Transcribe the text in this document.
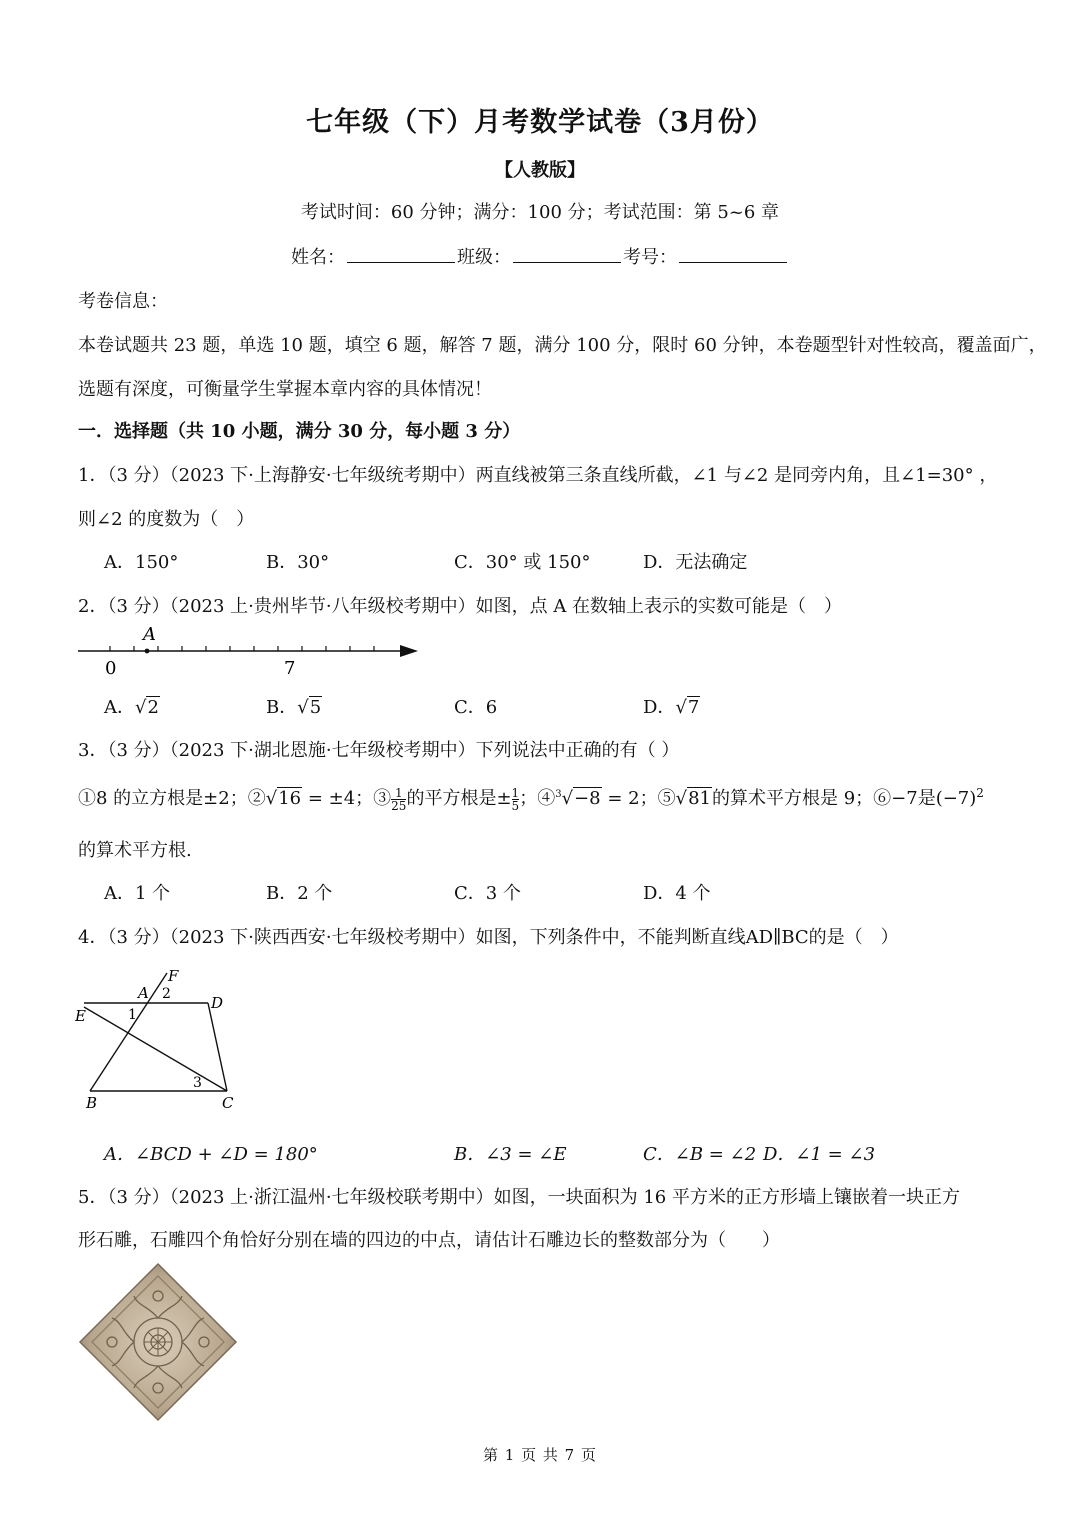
七年级（下）月考数学试卷（3月份）
【人教版】
考试时间：60 分钟；满分：100 分；考试范围：第 5~6 章
姓名：	班级：	考号：
考卷信息：
本卷试题共 23 题，单选 10 题，填空 6 题，解答 7 题，满分 100 分，限时 60 分钟，本卷题型针对性较高，覆盖面广，
选题有深度，可衡量学生掌握本章内容的具体情况！
一．选择题（共 10 小题，满分 30 分，每小题 3 分）
1．（3 分）（2023 下·上海静安·七年级统考期中）两直线被第三条直线所截，∠1 与∠2 是同旁内角，且∠1=30° ，
则∠2 的度数为（　）
A．150°	B．30°	C．30° 或 150°	D．无法确定
2．（3 分）（2023 上·贵州毕节·八年级校考期中）如图，点 A 在数轴上表示的实数可能是（　）
A
0	7
A．√2	B．√5	C．6	D．√7
3．（3 分）（2023 下·湖北恩施·七年级校考期中）下列说法中正确的有（ ）
①8 的立方根是±2；②√16 = ±4；③ $\frac{1}{25}$ 的平方根是± $\frac{1}{5}$ ；④$^3$√−8 = 2；⑤√81的算术平方根是 9；⑥−7是$(-7)^2$
的算术平方根.
A．1 个	B．2 个	C．3 个	D．4 个
4．（3 分）（2023 下·陕西西安·七年级校考期中）如图，下列条件中，不能判断直线AD∥BC的是（　）
A
F
D
E
B	C
1
2
3
A．∠BCD + ∠D = 180°	B．∠3 = ∠E	C．∠B = ∠2 D．∠1 = ∠3
5．（3 分）（2023 上·浙江温州·七年级校联考期中）如图，一块面积为 16 平方米的正方形墙上镶嵌着一块正方
形石雕，石雕四个角恰好分别在墙的四边的中点，请估计石雕边长的整数部分为（　　）
第 1 页 共 7 页
